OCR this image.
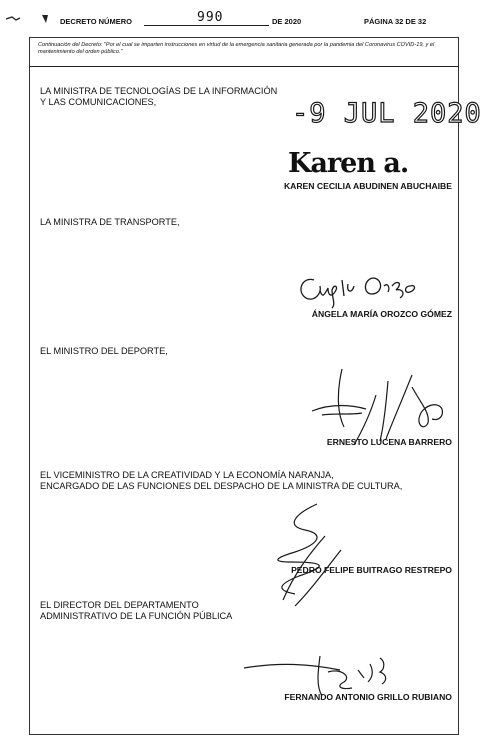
DECRETO NÚMERO	990	DE 2020	PÁGINA 32 DE 32
Continuación del Decreto: "Por el cual se imparten instrucciones en virtud de la emergencia sanitaria generada por la pandemia del Coronavirus COVID-19, y el mantenimiento del orden público."
LA MINISTRA DE TECNOLOGÍAS DE LA INFORMACIÓN
Y LAS COMUNICACIONES,	-9 JUL 2020
Karen a.
KAREN CECILIA ABUDINEN ABUCHAIBE
LA MINISTRA DE TRANSPORTE,
ÁNGELA MARÍA OROZCO GÓMEZ
EL MINISTRO DEL DEPORTE,
ERNESTO LUCENA BARRERO
EL VICEMINISTRO DE LA CREATIVIDAD Y LA ECONOMÍA NARANJA,
ENCARGADO DE LAS FUNCIONES DEL DESPACHO DE LA MINISTRA DE CULTURA,
PEDRO FELIPE BUITRAGO RESTREPO
EL DIRECTOR DEL DEPARTAMENTO
ADMINISTRATIVO DE LA FUNCIÓN PÚBLICA
FERNANDO ANTONIO GRILLO RUBIANO
